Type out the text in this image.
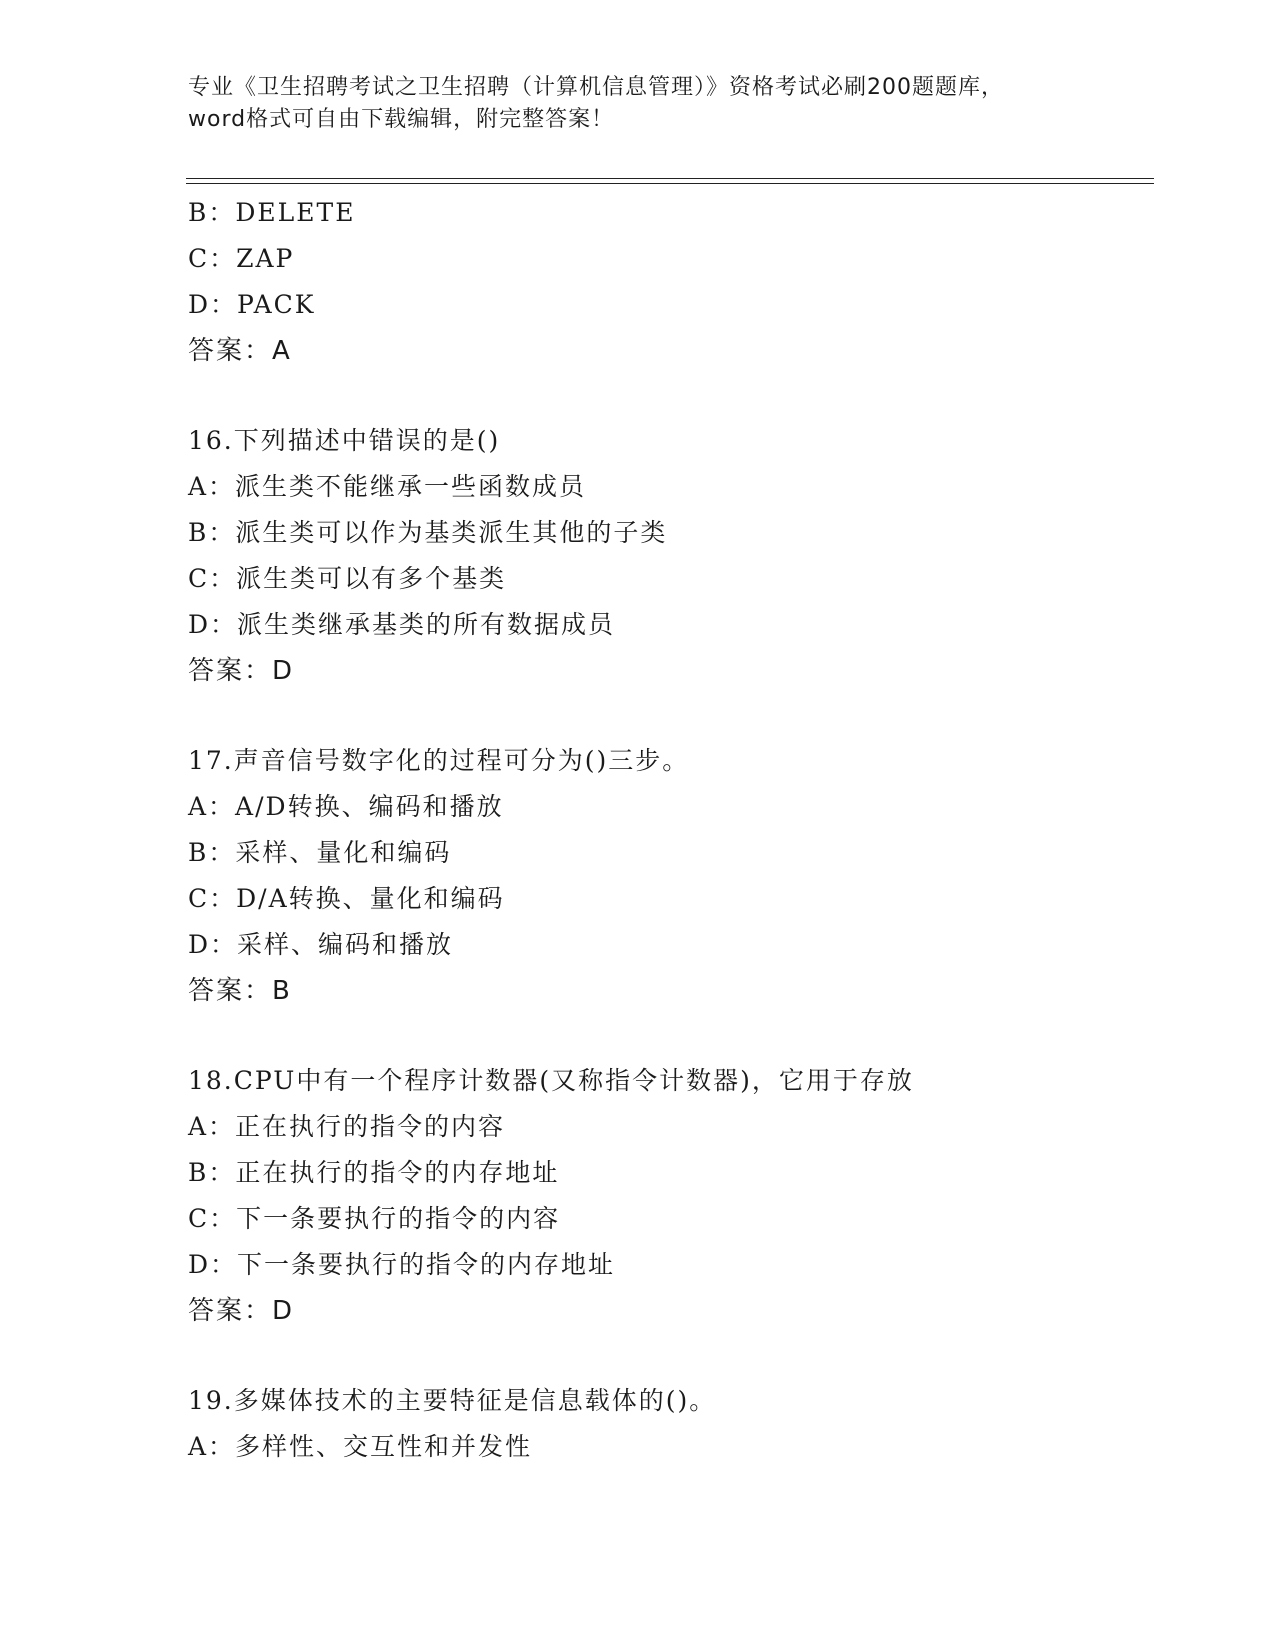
专业《卫生招聘考试之卫生招聘（计算机信息管理）》资格考试必刷200题题库，
word格式可自由下载编辑，附完整答案！
B：DELETE
C：ZAP
D：PACK
答案：A
16.下列描述中错误的是()
A：派生类不能继承一些函数成员
B：派生类可以作为基类派生其他的子类
C：派生类可以有多个基类
D：派生类继承基类的所有数据成员
答案：D
17.声音信号数字化的过程可分为()三步。
A：A/D转换、编码和播放
B：采样、量化和编码
C：D/A转换、量化和编码
D：采样、编码和播放
答案：B
18.CPU中有一个程序计数器(又称指令计数器)，它用于存放
A：正在执行的指令的内容
B：正在执行的指令的内存地址
C：下一条要执行的指令的内容
D：下一条要执行的指令的内存地址
答案：D
19.多媒体技术的主要特征是信息载体的()。
A：多样性、交互性和并发性
